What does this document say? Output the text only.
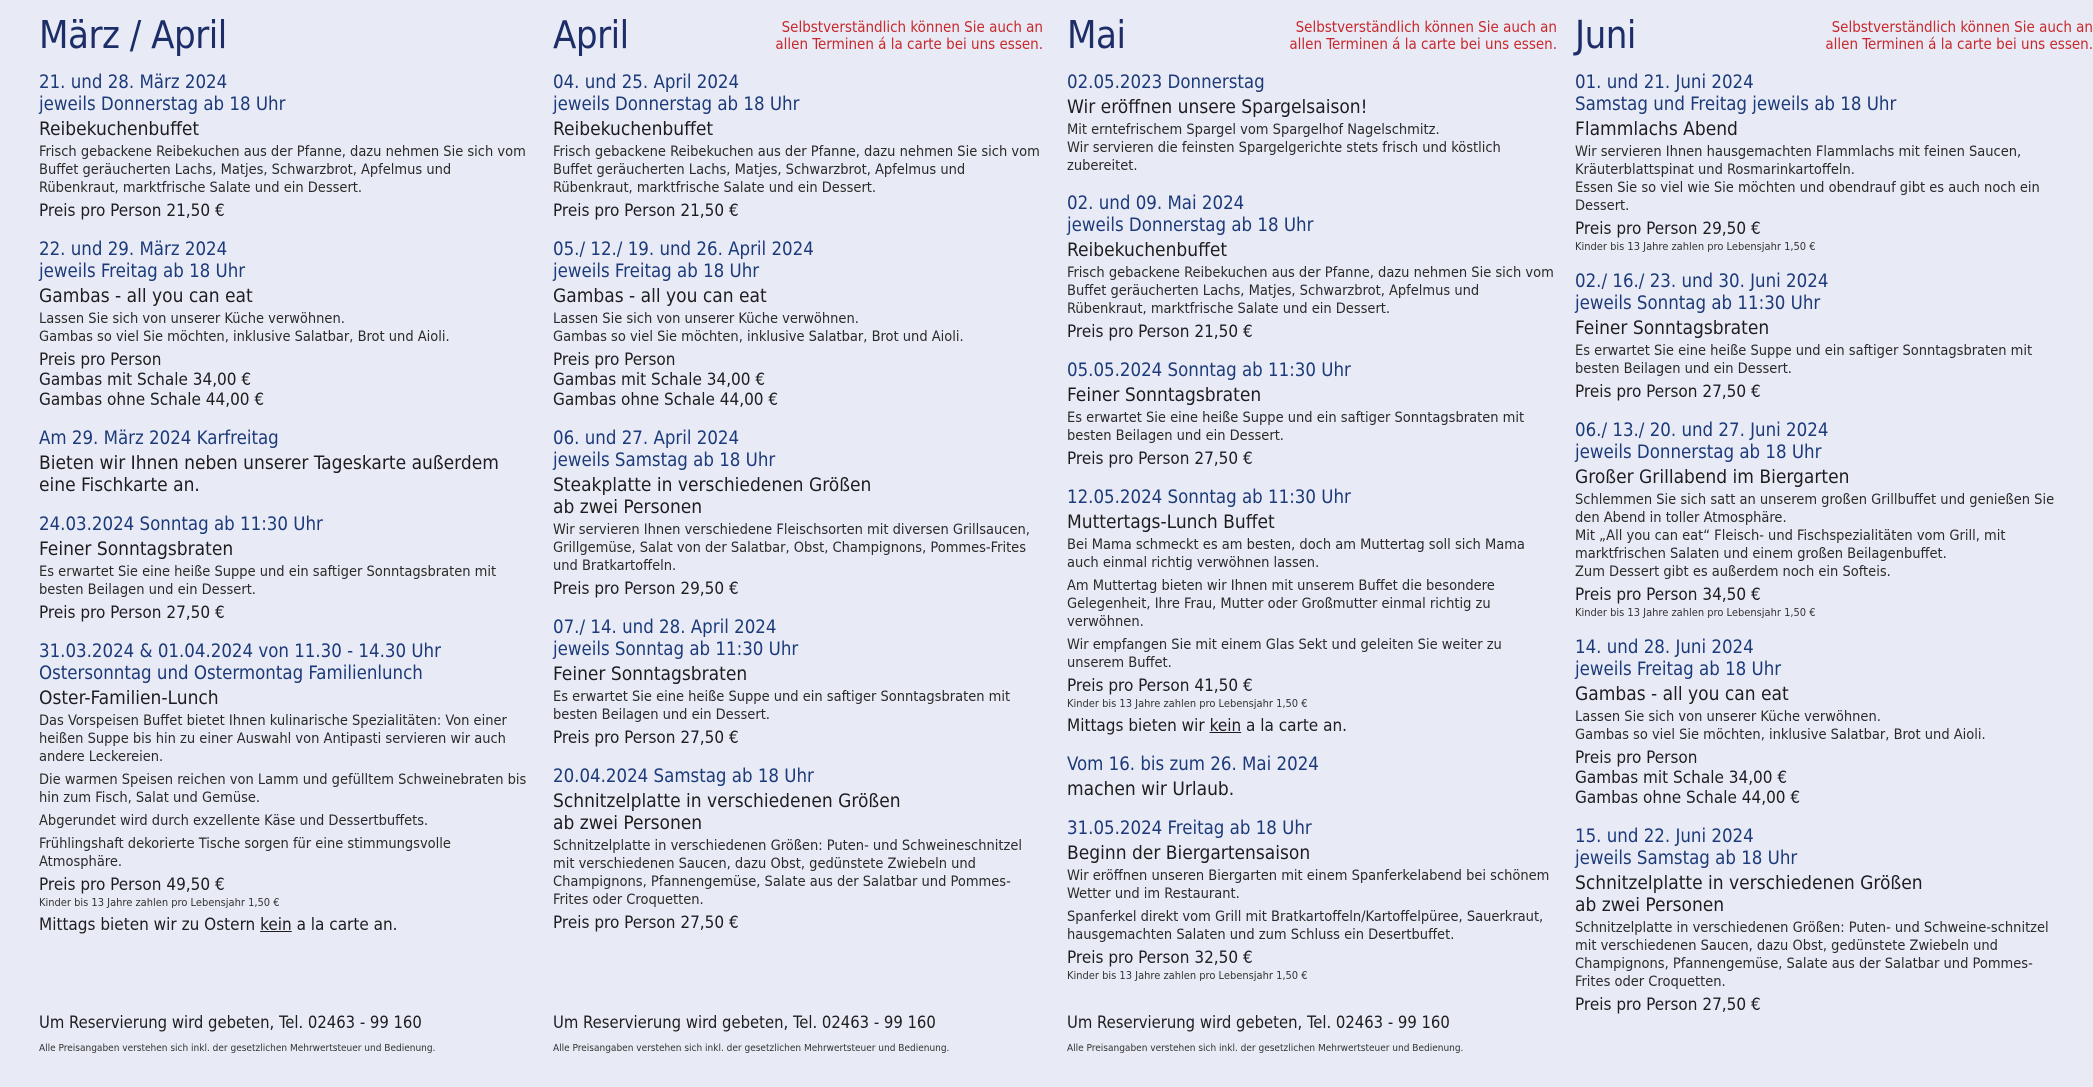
März / April
21. und 28. März 2024
jeweils Donnerstag ab 18 Uhr
Reibekuchenbuffet

Frisch gebackene Reibekuchen aus der Pfanne, dazu nehmen Sie sich vom Buffet geräucherten Lachs, Matjes, Schwarzbrot, Apfelmus und Rübenkraut, marktfrische Salate und ein Dessert.

Preis pro Person 21,50 €
22. und 29. März 2024
jeweils Freitag ab 18 Uhr
Gambas - all you can eat

Lassen Sie sich von unserer Küche verwöhnen.
Gambas so viel Sie möchten, inklusive Salatbar, Brot und Aioli.

Preis pro Person
Gambas mit Schale 34,00 €
Gambas ohne Schale 44,00 €
Am 29. März 2024 Karfreitag
Bieten wir Ihnen neben unserer Tageskarte außerdem eine Fischkarte an.
24.03.2024 Sonntag ab 11:30 Uhr
Feiner Sonntagsbraten

Es erwartet Sie eine heiße Suppe und ein saftiger Sonntagsbraten mit besten Beilagen und ein Dessert.

Preis pro Person 27,50 €
31.03.2024 & 01.04.2024 von 11.30 - 14.30 Uhr
Ostersonntag und Ostermontag Familienlunch
Oster-Familien-Lunch

Das Vorspeisen Buffet bietet Ihnen kulinarische Spezialitäten: Von einer heißen Suppe bis hin zu einer Auswahl von Antipasti servieren wir auch andere Leckereien.

Die warmen Speisen reichen von Lamm und gefülltem Schweinebraten bis hin zum Fisch, Salat und Gemüse.

Abgerundet wird durch exzellente Käse und Dessertbuffets.

Frühlingshaft dekorierte Tische sorgen für eine stimmungsvolle Atmosphäre.

Preis pro Person 49,50 €
Kinder bis 13 Jahre zahlen pro Lebensjahr 1,50 €
Mittags bieten wir zu Ostern kein a la carte an.
Um Reservierung wird gebeten, Tel. 02463 - 99 160
Alle Preisangaben verstehen sich inkl. der gesetzlichen Mehrwertsteuer und Bedienung.
April	Selbstverständlich können Sie auch an
allen Terminen á la carte bei uns essen.
04. und 25. April 2024
jeweils Donnerstag ab 18 Uhr
Reibekuchenbuffet

Frisch gebackene Reibekuchen aus der Pfanne, dazu nehmen Sie sich vom Buffet geräucherten Lachs, Matjes, Schwarzbrot, Apfelmus und Rübenkraut, marktfrische Salate und ein Dessert.

Preis pro Person 21,50 €
05./ 12./ 19. und 26. April 2024
jeweils Freitag ab 18 Uhr
Gambas - all you can eat

Lassen Sie sich von unserer Küche verwöhnen.
Gambas so viel Sie möchten, inklusive Salatbar, Brot und Aioli.

Preis pro Person
Gambas mit Schale 34,00 €
Gambas ohne Schale 44,00 €
06. und 27. April 2024
jeweils Samstag ab 18 Uhr
Steakplatte in verschiedenen Größen
ab zwei Personen

Wir servieren Ihnen verschiedene Fleischsorten mit diversen Grillsaucen, Grillgemüse, Salat von der Salatbar, Obst, Champignons, Pommes-Frites und Bratkartoffeln.

Preis pro Person 29,50 €
07./ 14. und 28. April 2024
jeweils Sonntag ab 11:30 Uhr
Feiner Sonntagsbraten

Es erwartet Sie eine heiße Suppe und ein saftiger Sonntagsbraten mit besten Beilagen und ein Dessert.

Preis pro Person 27,50 €
20.04.2024 Samstag ab 18 Uhr
Schnitzelplatte in verschiedenen Größen
ab zwei Personen

Schnitzelplatte in verschiedenen Größen: Puten- und Schweineschnitzel mit verschiedenen Saucen, dazu Obst, gedünstete Zwiebeln und Champignons, Pfannengemüse, Salate aus der Salatbar und Pommes-Frites oder Croquetten.

Preis pro Person 27,50 €
Um Reservierung wird gebeten, Tel. 02463 - 99 160
Alle Preisangaben verstehen sich inkl. der gesetzlichen Mehrwertsteuer und Bedienung.
Mai	Selbstverständlich können Sie auch an
allen Terminen á la carte bei uns essen.
02.05.2023 Donnerstag
Wir eröffnen unsere Spargelsaison!

Mit erntefrischem Spargel vom Spargelhof Nagelschmitz.
Wir servieren die feinsten Spargelgerichte stets frisch und köstlich zubereitet.

02. und 09. Mai 2024
jeweils Donnerstag ab 18 Uhr
Reibekuchenbuffet

Frisch gebackene Reibekuchen aus der Pfanne, dazu nehmen Sie sich vom Buffet geräucherten Lachs, Matjes, Schwarzbrot, Apfelmus und Rübenkraut, marktfrische Salate und ein Dessert.

Preis pro Person 21,50 €
05.05.2024 Sonntag ab 11:30 Uhr
Feiner Sonntagsbraten

Es erwartet Sie eine heiße Suppe und ein saftiger Sonntagsbraten mit besten Beilagen und ein Dessert.

Preis pro Person 27,50 €
12.05.2024 Sonntag ab 11:30 Uhr
Muttertags-Lunch Buffet

Bei Mama schmeckt es am besten, doch am Muttertag soll sich Mama auch einmal richtig verwöhnen lassen.

Am Muttertag bieten wir Ihnen mit unserem Buffet die besondere Gelegenheit, Ihre Frau, Mutter oder Großmutter einmal richtig zu verwöhnen.

Wir empfangen Sie mit einem Glas Sekt und geleiten Sie weiter zu unserem Buffet.

Preis pro Person 41,50 €
Kinder bis 13 Jahre zahlen pro Lebensjahr 1,50 €
Mittags bieten wir kein a la carte an.
Vom 16. bis zum 26. Mai 2024
machen wir Urlaub.
31.05.2024 Freitag ab 18 Uhr
Beginn der Biergartensaison

Wir eröffnen unseren Biergarten mit einem Spanferkelabend bei schönem Wetter und im Restaurant.

Spanferkel direkt vom Grill mit Bratkartoffeln/Kartoffelpüree, Sauerkraut, hausgemachten Salaten und zum Schluss ein Desertbuffet.

Preis pro Person 32,50 €
Kinder bis 13 Jahre zahlen pro Lebensjahr 1,50 €
Um Reservierung wird gebeten, Tel. 02463 - 99 160
Alle Preisangaben verstehen sich inkl. der gesetzlichen Mehrwertsteuer und Bedienung.
Juni	Selbstverständlich können Sie auch an
allen Terminen á la carte bei uns essen.
01. und 21. Juni 2024
Samstag und Freitag jeweils ab 18 Uhr
Flammlachs Abend

Wir servieren Ihnen hausgemachten Flammlachs mit feinen Saucen, Kräuterblattspinat und Rosmarinkartoffeln.
Essen Sie so viel wie Sie möchten und obendrauf gibt es auch noch ein Dessert.

Preis pro Person 29,50 €
Kinder bis 13 Jahre zahlen pro Lebensjahr 1,50 €
02./ 16./ 23. und 30. Juni 2024
jeweils Sonntag ab 11:30 Uhr
Feiner Sonntagsbraten

Es erwartet Sie eine heiße Suppe und ein saftiger Sonntagsbraten mit besten Beilagen und ein Dessert.

Preis pro Person 27,50 €
06./ 13./ 20. und 27. Juni 2024
jeweils Donnerstag ab 18 Uhr
Großer Grillabend im Biergarten

Schlemmen Sie sich satt an unserem großen Grillbuffet und genießen Sie den Abend in toller Atmosphäre.
Mit „All you can eat“ Fleisch- und Fischspezialitäten vom Grill, mit marktfrischen Salaten und einem großen Beilagenbuffet.
Zum Dessert gibt es außerdem noch ein Softeis.

Preis pro Person 34,50 €
Kinder bis 13 Jahre zahlen pro Lebensjahr 1,50 €
14. und 28. Juni 2024
jeweils Freitag ab 18 Uhr
Gambas - all you can eat

Lassen Sie sich von unserer Küche verwöhnen.
Gambas so viel Sie möchten, inklusive Salatbar, Brot und Aioli.

Preis pro Person
Gambas mit Schale 34,00 €
Gambas ohne Schale 44,00 €
15. und 22. Juni 2024
jeweils Samstag ab 18 Uhr
Schnitzelplatte in verschiedenen Größen
ab zwei Personen

Schnitzelplatte in verschiedenen Größen: Puten- und Schweine-schnitzel mit verschiedenen Saucen, dazu Obst, gedünstete Zwiebeln und Champignons, Pfannengemüse, Salate aus der Salatbar und Pommes-Frites oder Croquetten.

Preis pro Person 27,50 €
